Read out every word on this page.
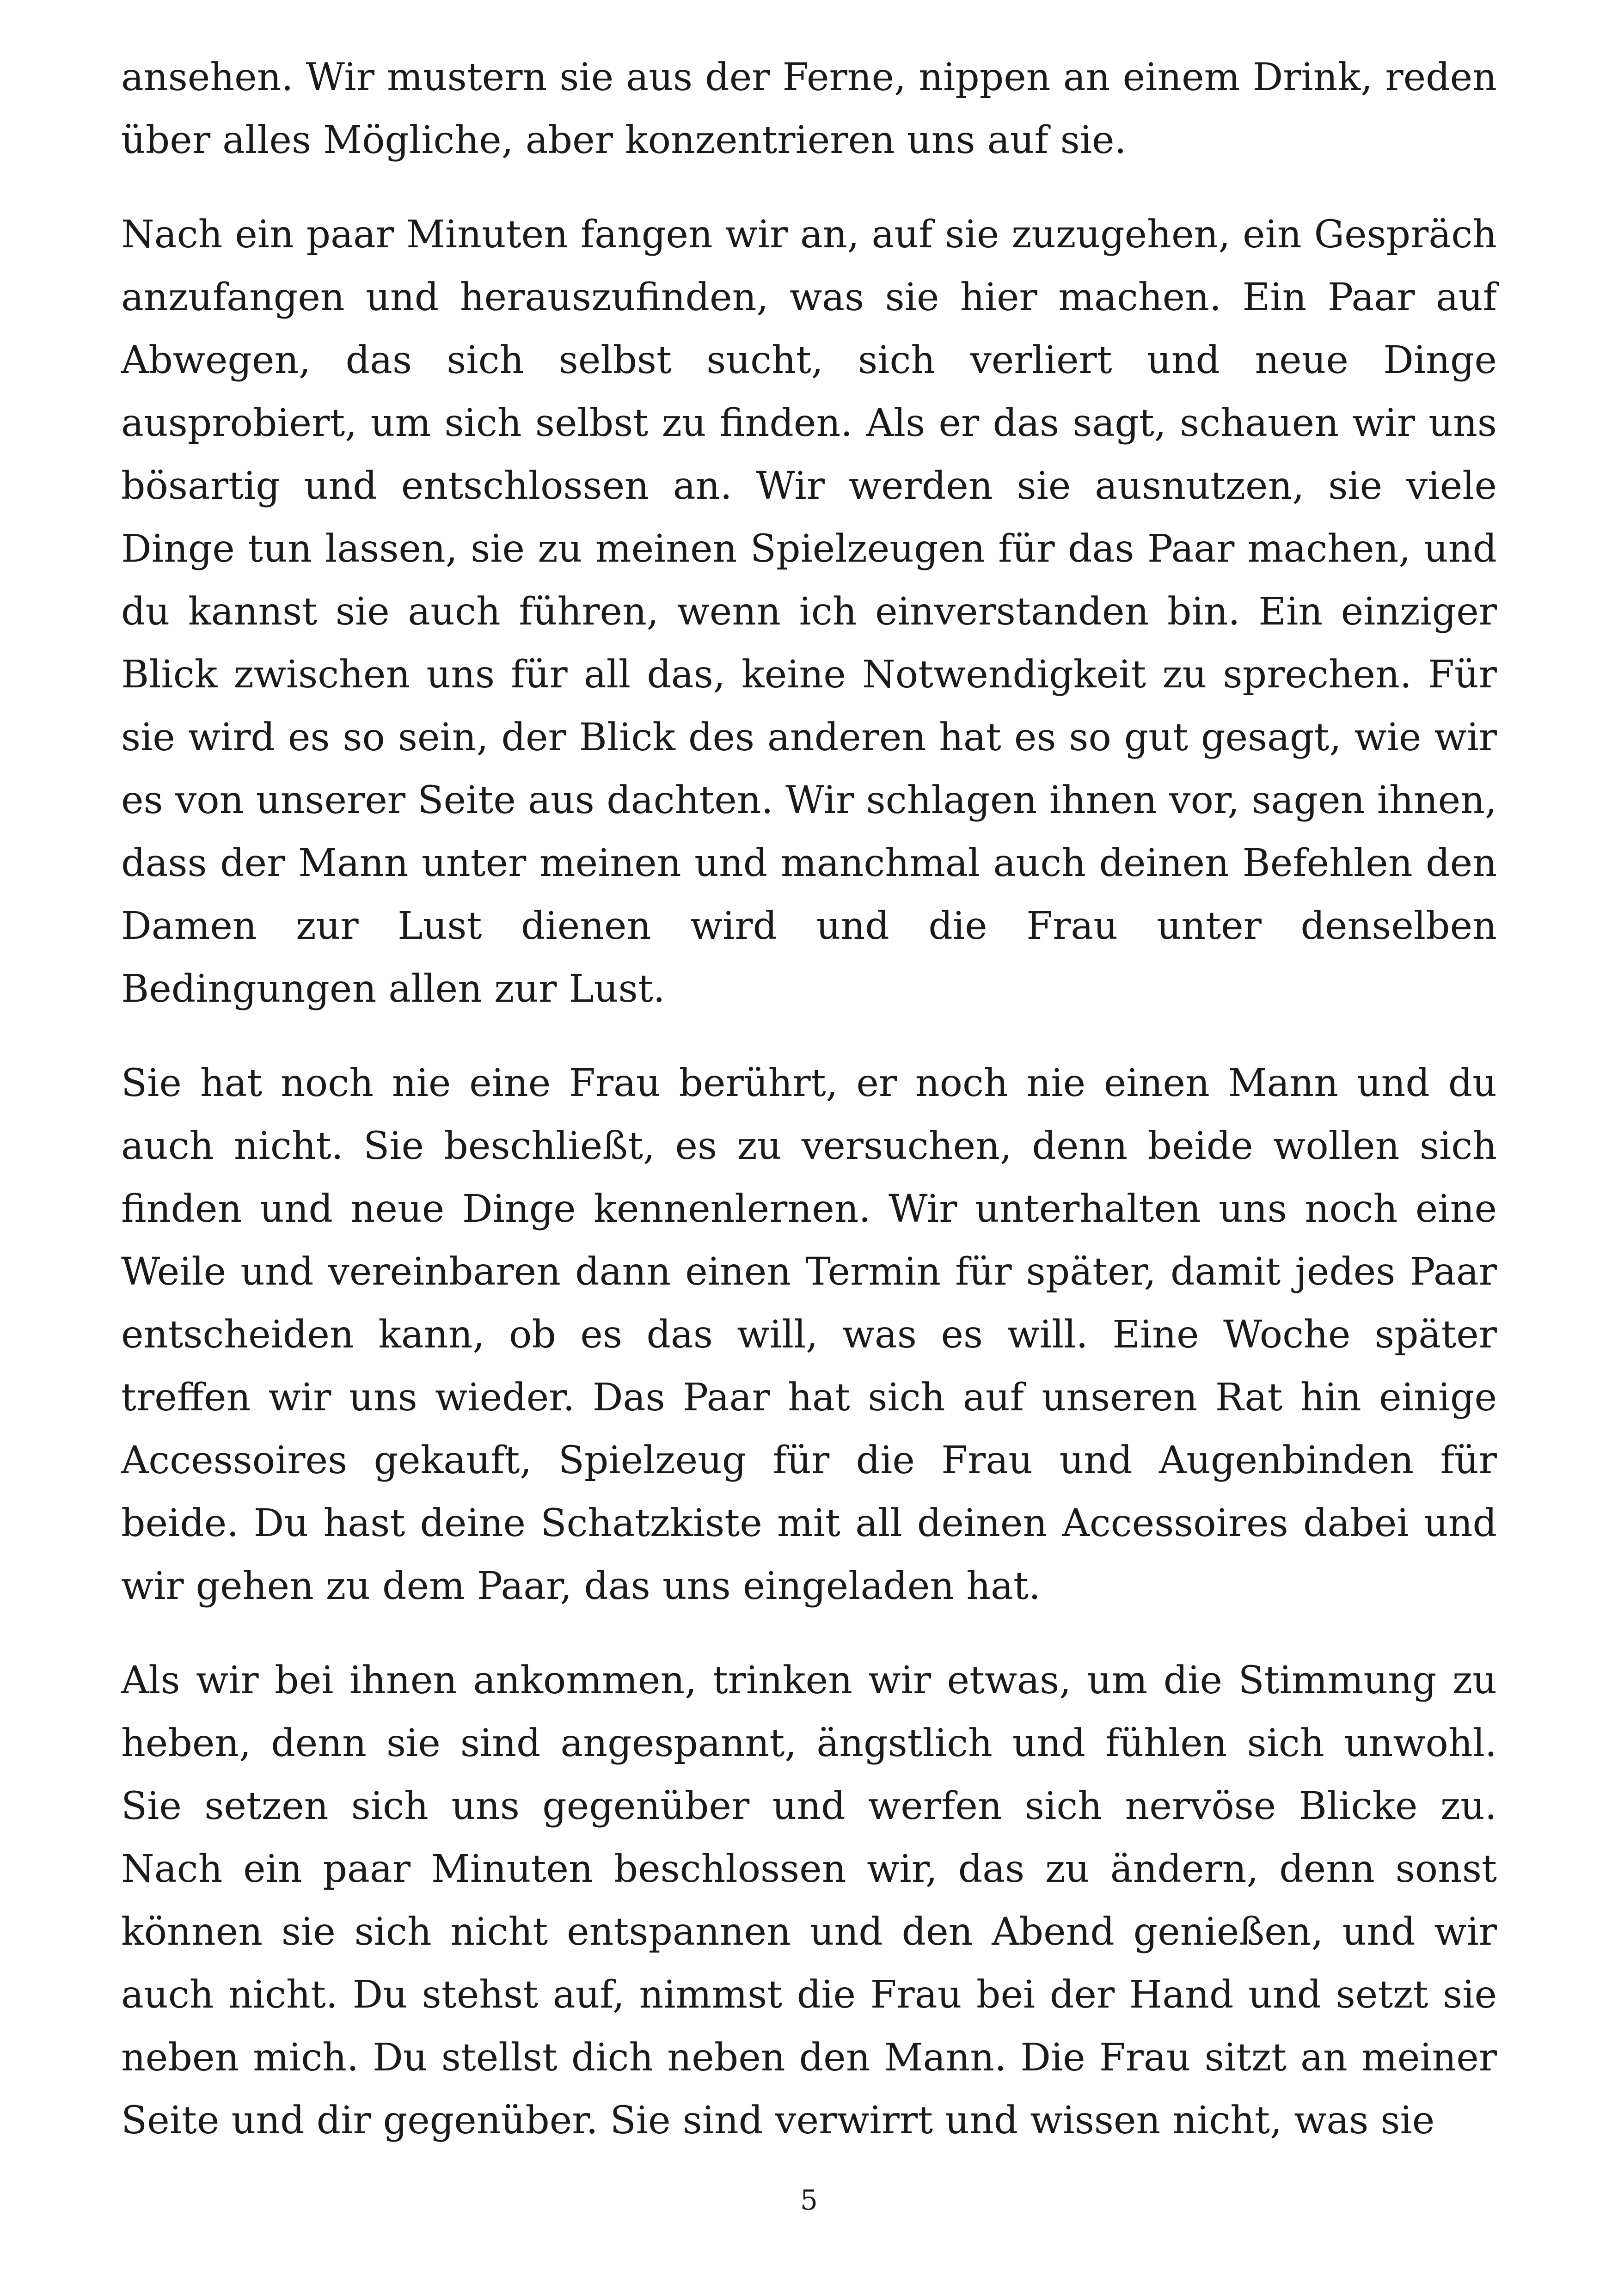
ansehen. Wir mustern sie aus der Ferne, nippen an einem Drink, reden über alles Mögliche, aber konzentrieren uns auf sie.

Nach ein paar Minuten fangen wir an, auf sie zuzugehen, ein Gespräch anzufangen und herauszufinden, was sie hier machen. Ein Paar auf Abwegen, das sich selbst sucht, sich verliert und neue Dinge ausprobiert, um sich selbst zu finden. Als er das sagt, schauen wir uns bösartig und entschlossen an. Wir werden sie ausnutzen, sie viele Dinge tun lassen, sie zu meinen Spielzeugen für das Paar machen, und du kannst sie auch führen, wenn ich einverstanden bin. Ein einziger Blick zwischen uns für all das, keine Notwendigkeit zu sprechen. Für sie wird es so sein, der Blick des anderen hat es so gut gesagt, wie wir es von unserer Seite aus dachten. Wir schlagen ihnen vor, sagen ihnen, dass der Mann unter meinen und manchmal auch deinen Befehlen den Damen zur Lust dienen wird und die Frau unter denselben Bedingungen allen zur Lust.

Sie hat noch nie eine Frau berührt, er noch nie einen Mann und du auch nicht. Sie beschließt, es zu versuchen, denn beide wollen sich finden und neue Dinge kennenlernen. Wir unterhalten uns noch eine Weile und vereinbaren dann einen Termin für später, damit jedes Paar entscheiden kann, ob es das will, was es will. Eine Woche später treffen wir uns wieder. Das Paar hat sich auf unseren Rat hin einige Accessoires gekauft, Spielzeug für die Frau und Augenbinden für beide. Du hast deine Schatzkiste mit all deinen Accessoires dabei und wir gehen zu dem Paar, das uns eingeladen hat.

Als wir bei ihnen ankommen, trinken wir etwas, um die Stimmung zu heben, denn sie sind angespannt, ängstlich und fühlen sich unwohl. Sie setzen sich uns gegenüber und werfen sich nervöse Blicke zu. Nach ein paar Minuten beschlossen wir, das zu ändern, denn sonst können sie sich nicht entspannen und den Abend genießen, und wir auch nicht. Du stehst auf, nimmst die Frau bei der Hand und setzt sie neben mich. Du stellst dich neben den Mann. Die Frau sitzt an meiner Seite und dir gegenüber. Sie sind verwirrt und wissen nicht, was sie

5
